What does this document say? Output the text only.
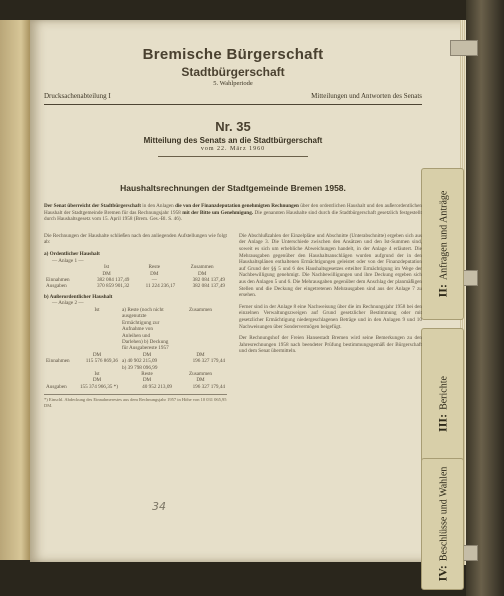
II:Anfragen und Anträge
III:Berichte
IV:Beschlüsse und Wahlen
Bremische Bürgerschaft
Stadtbürgerschaft
5. Wahlperiode
Drucksachenabteilung I	Mitteilungen und Antworten des Senats
Nr. 35
Mitteilung des Senats an die Stadtbürgerschaft
vom 22. März 1960
Haushaltsrechnungen der Stadtgemeinde Bremen 1958.
Der Senat überreicht der Stadtbürgerschaft in den Anlagen die von der Finanzdeputation genehmigten Rechnungen über den ordentlichen Haushalt und den außerordentlichen Haushalt der Stadtgemeinde Bremen für das Rechnungsjahr 1958 mit der Bitte um Genehmigung. Die genannten Haushalte sind durch die Stadtbürgerschaft gesetzlich festgestellt durch Haushaltsgesetz vom 15. April 1958 (Brem. Ges.-Bl. S. 46).

Die Rechnungen der Haushalte schließen nach den anliegenden Aufstellungen wie folgt ab:

a) Ordentlicher Haushalt
— Anlage 1 —
	Ist	Reste	Zusammen
	DM	DM	DM
Einnahmen	382 084 137,49	—	382 084 137,49
Ausgaben	370 859 901,32	11 224 236,17	382 084 137,49
b) Außerordentlicher Haushalt
— Anlage 2 —
	Ist	a) Reste (noch nicht ausgenutzte Ermächtigung zur Aufnahme von Anleihen und Darlehen) b) Deckung für Ausgabereste 1957	Zusammen
	DM	DM	DM
Einnahmen	115 576 869,36	a) 40 902 215,09
b) 39 798 096,99	196 327 179,44
	Ist	Reste	Zusammen
	DM	DM	DM
Ausgaben	155 374 966,35 *)	40 952 213,09	196 327 179,44
*) Einschl. Abdeckung des Einnahmerestes aus dem Rechnungsjahr 1957 in Höhe von 10 031 065,95 DM.

Die Abschlußzahlen der Einzelpläne und Abschnitte (Unterabschnitte) ergeben sich aus der Anlage 3. Die Unterschiede zwischen den Ansätzen und den Ist-Summen sind, soweit es sich um erhebliche Abweichungen handelt, in der Anlage 4 erläutert. Die Mehrausgaben gegenüber den Haushaltsanschlägen wurden aufgrund der in den Haushaltsplänen enthaltenen Ermächtigungen geleistet oder von der Finanzdeputation auf Grund der §§ 5 und 6 des Haushaltsgesetzes erteilter Ermächtigung im Wege der Nachbewilligung genehmigt. Die Nachbewilligungen und ihre Deckung ergeben sich aus den Anlagen 5 und 6. Die Mehrausgaben gegenüber dem Anschlag der planmäßigen Stellen und die Deckung der eingetretenen Mehrausgaben sind aus der Anlage 7 zu ersehen.

Ferner sind in der Anlage 8 eine Nachweisung über die im Rechnungsjahr 1958 bei den einzelnen Verwaltungszweigen auf Grund gesetzlicher Bestimmung oder mit gesetzlicher Ermächtigung niedergeschlagenen Beträge und in den Anlagen 9 und 10 Nachweisungen über Sondervermögen beigefügt.

Der Rechnungshof der Freien Hansestadt Bremen wird seine Bemerkungen zu den Jahresrechnungen 1958 nach beendeter Prüfung bestimmungsgemäß der Bürgerschaft und dem Senat übermitteln.

34
